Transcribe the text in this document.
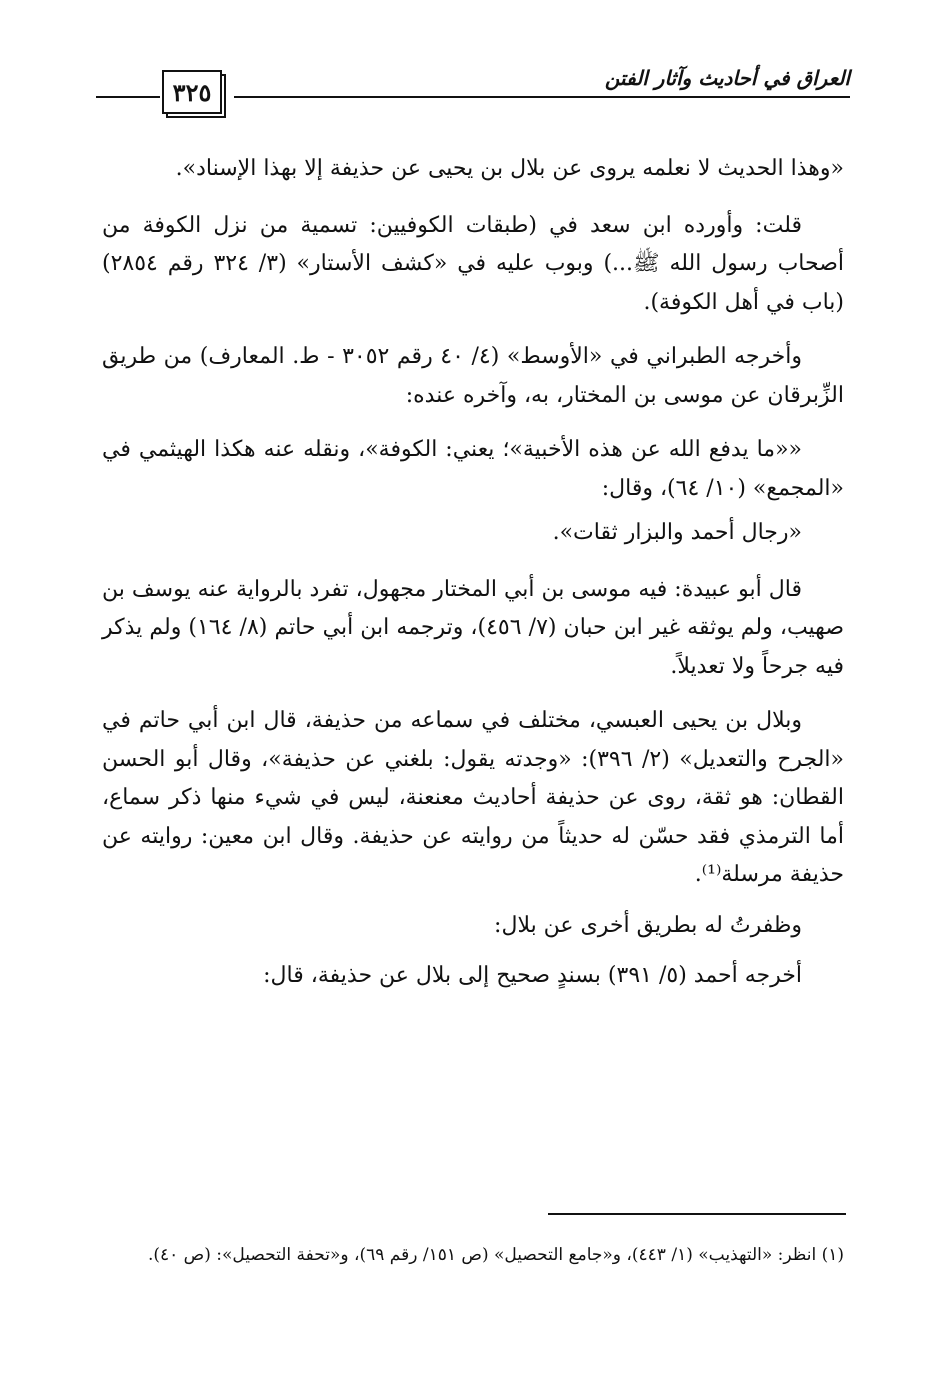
٣٢٥	العراق في أحاديث وآثار الفتن

«وهذا الحديث لا نعلمه يروى عن بلال بن يحيى عن حذيفة إلا بهذا الإسناد».

قلت: وأورده ابن سعد في (طبقات الكوفيين: تسمية من نزل الكوفة من أصحاب رسول الله ﷺ...) وبوب عليه في «كشف الأستار» (٣/ ٣٢٤ رقم ٢٨٥٤) (باب في أهل الكوفة).

وأخرجه الطبراني في «الأوسط» (٤/ ٤٠ رقم ٣٠٥٢ - ط. المعارف) من طريق الزِّبرقان عن موسى بن المختار، به، وآخره عنده:

««ما يدفع الله عن هذه الأخبية»؛ يعني: الكوفة»، ونقله عنه هكذا الهيثمي في «المجمع» (١٠/ ٦٤)، وقال:

«رجال أحمد والبزار ثقات».

قال أبو عبيدة: فيه موسى بن أبي المختار مجهول، تفرد بالرواية عنه يوسف بن صهيب، ولم يوثقه غير ابن حبان (٧/ ٤٥٦)، وترجمه ابن أبي حاتم (٨/ ١٦٤) ولم يذكر فيه جرحاً ولا تعديلاً.

وبلال بن يحيى العبسي، مختلف في سماعه من حذيفة، قال ابن أبي حاتم في «الجرح والتعديل» (٢/ ٣٩٦): «وجدته يقول: بلغني عن حذيفة»، وقال أبو الحسن القطان: هو ثقة، روى عن حذيفة أحاديث معنعنة، ليس في شيء منها ذكر سماع، أما الترمذي فقد حسّن له حديثاً من روايته عن حذيفة. وقال ابن معين: روايته عن حذيفة مرسلة⁽¹⁾.

وظفرتُ له بطريق أخرى عن بلال:

أخرجه أحمد (٥/ ٣٩١) بسندٍ صحيح إلى بلال عن حذيفة، قال:

(١) انظر: «التهذيب» (١/ ٤٤٣)، و«جامع التحصيل» (ص ١٥١/ رقم ٦٩)، و«تحفة التحصيل»: (ص ٤٠).
